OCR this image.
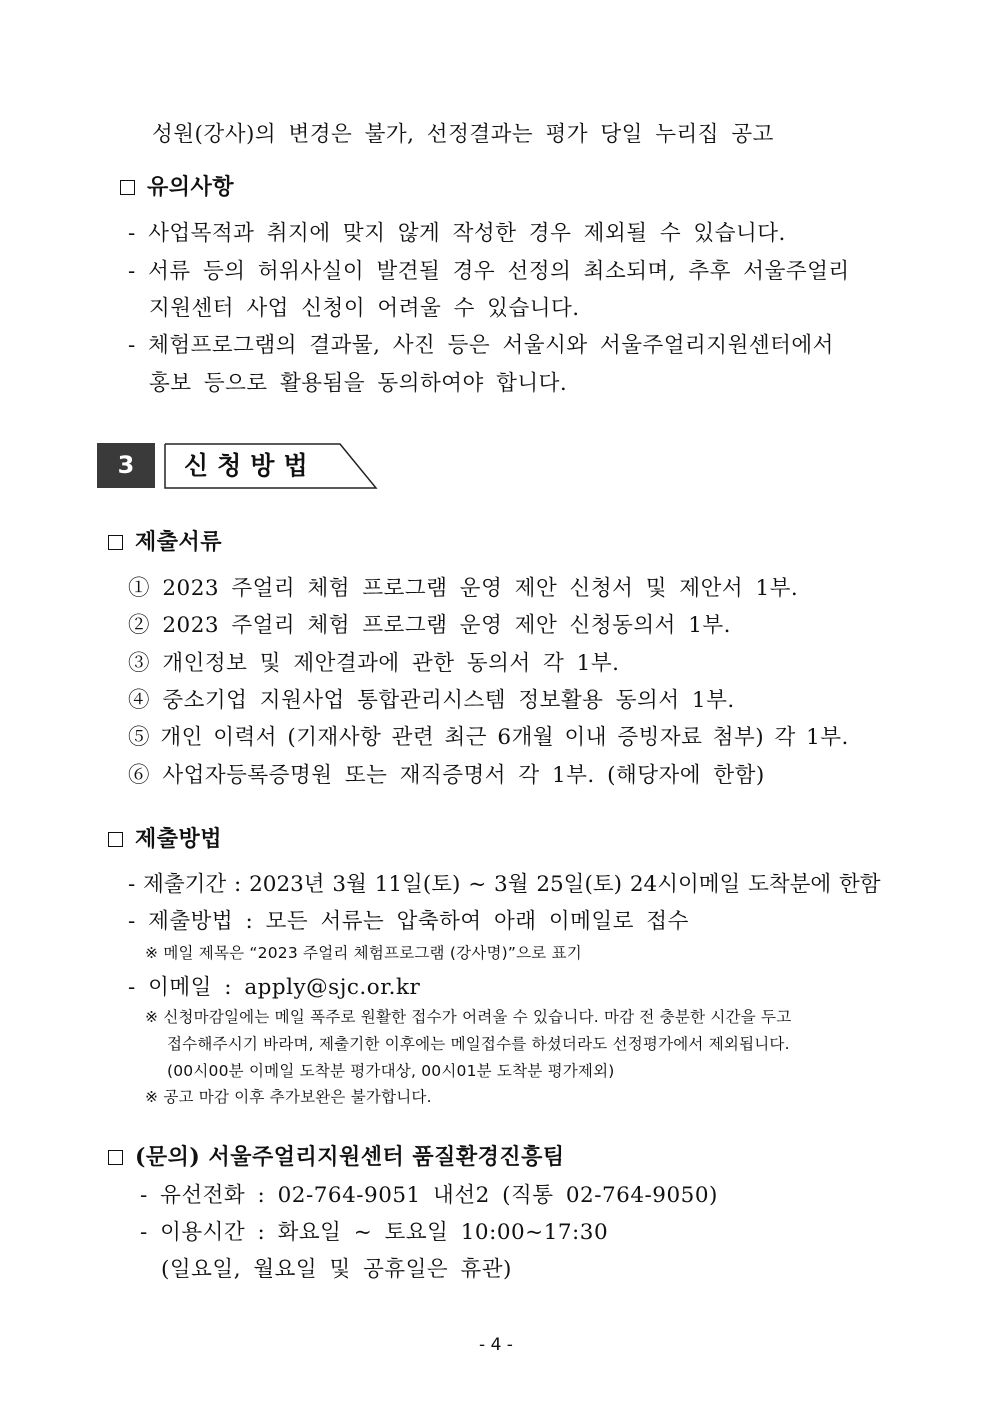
성원(강사)의 변경은 불가, 선정결과는 평가 당일 누리집 공고
유의사항
- 사업목적과 취지에 맞지 않게 작성한 경우 제외될 수 있습니다.
- 서류 등의 허위사실이 발견될 경우 선정의 최소되며, 추후 서울주얼리
지원센터 사업 신청이 어려울 수 있습니다.
- 체험프로그램의 결과물, 사진 등은 서울시와 서울주얼리지원센터에서
홍보 등으로 활용됨을 동의하여야 합니다.
3	신청방법
제출서류
① 2023 주얼리 체험 프로그램 운영 제안 신청서 및 제안서 1부.
② 2023 주얼리 체험 프로그램 운영 제안 신청동의서 1부.
③ 개인정보 및 제안결과에 관한 동의서 각 1부.
④ 중소기업 지원사업 통합관리시스템 정보활용 동의서 1부.
⑤ 개인 이력서 (기재사항 관련 최근 6개월 이내 증빙자료 첨부) 각 1부.
⑥ 사업자등록증명원 또는 재직증명서 각 1부. (해당자에 한함)
제출방법
- 제출기간 : 2023년 3월 11일(토) ~ 3월 25일(토) 24시이메일 도착분에 한함
- 제출방법 : 모든 서류는 압축하여 아래 이메일로 접수
※ 메일 제목은 “2023 주얼리 체험프로그램 (강사명)”으로 표기
- 이메일 : apply@sjc.or.kr
※ 신청마감일에는 메일 폭주로 원활한 접수가 어려울 수 있습니다. 마감 전 충분한 시간을 두고
접수해주시기 바라며, 제출기한 이후에는 메일접수를 하셨더라도 선정평가에서 제외됩니다.
(00시00분 이메일 도착분 평가대상, 00시01분 도착분 평가제외)
※ 공고 마감 이후 추가보완은 불가합니다.
(문의) 서울주얼리지원센터 품질환경진흥팀
- 유선전화 : 02-764-9051 내선2 (직통 02-764-9050)
- 이용시간 : 화요일 ~ 토요일 10:00~17:30
(일요일, 월요일 및 공휴일은 휴관)
- 4 -
